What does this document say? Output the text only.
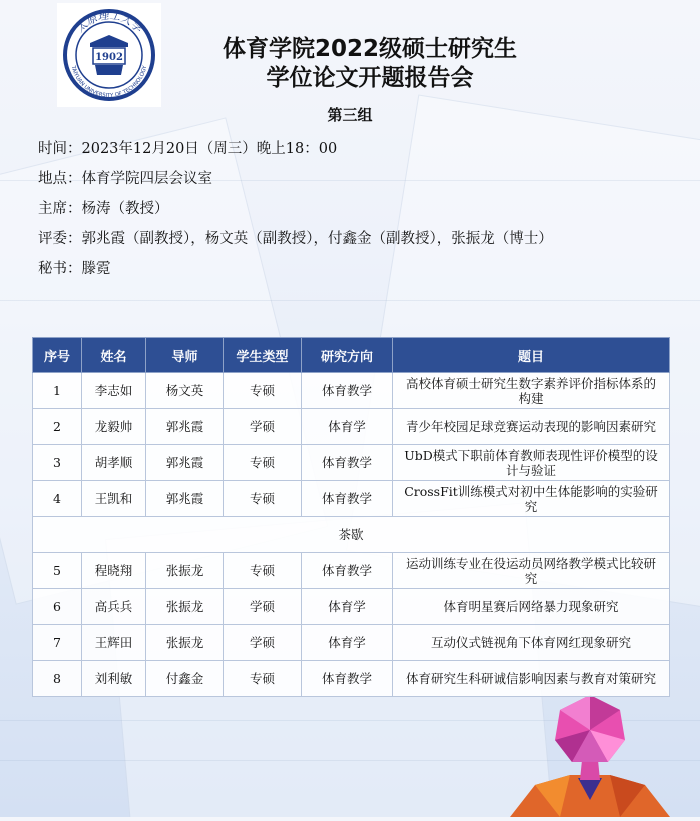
1902
太原理工大学
TAIYUAN UNIVERSITY OF TECHNOLOGY
体育学院2022级硕士研究生
学位论文开题报告会
第三组
时间：2023年12月20日（周三）晚上18：00
地点：体育学院四层会议室
主席：杨涛（教授）
评委：郭兆霞（副教授），杨文英（副教授），付鑫金（副教授），张振龙（博士）
秘书：滕霓
序号	姓名	导师	学生类型	研究方向	题目
1	李志如	杨文英	专硕	体育教学	高校体育硕士研究生数字素养评价指标体系的构建
2	龙毅帅	郭兆霞	学硕	体育学	青少年校园足球竞赛运动表现的影响因素研究
3	胡孝顺	郭兆霞	专硕	体育教学	UbD模式下职前体育教师表现性评价模型的设计与验证
4	王凯和	郭兆霞	专硕	体育教学	CrossFit训练模式对初中生体能影响的实验研究
茶歇					
5	程晓翔	张振龙	专硕	体育教学	运动训练专业在役运动员网络教学模式比较研究
6	高兵兵	张振龙	学硕	体育学	体育明星赛后网络暴力现象研究
7	王辉田	张振龙	学硕	体育学	互动仪式链视角下体育网红现象研究
8	刘利敏	付鑫金	专硕	体育教学	体育研究生科研诚信影响因素与教育对策研究
